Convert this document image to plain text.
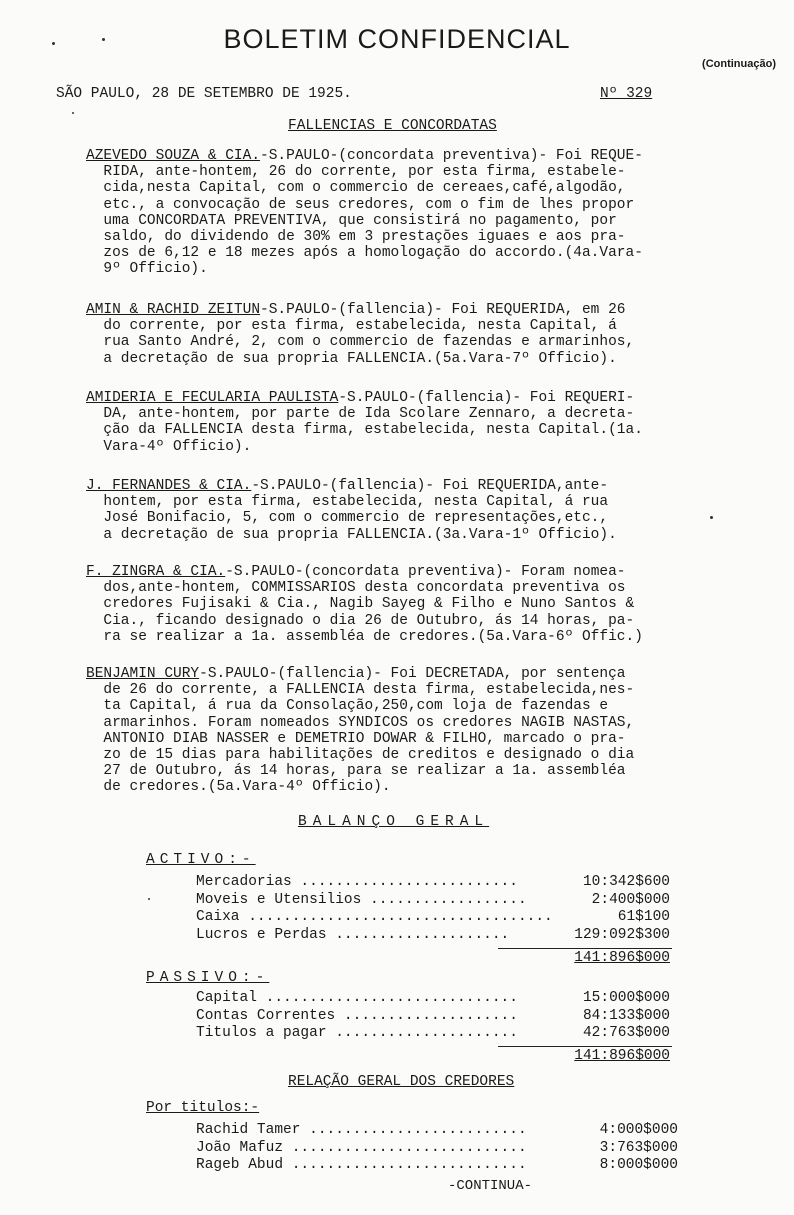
BOLETIM CONFIDENCIAL
(Continuação)
SÃO PAULO, 28 DE SETEMBRO DE 1925.	Nº 329
FALLENCIAS E CONCORDATAS
AZEVEDO SOUZA & CIA.-S.PAULO-(concordata preventiva)- Foi REQUE-
RIDA, ante-hontem, 26 do corrente, por esta firma, estabele-
cida,nesta Capital, com o commercio de cereaes,café,algodão,
etc., a convocação de seus credores, com o fim de lhes propor
uma CONCORDATA PREVENTIVA, que consistirá no pagamento, por
saldo, do dividendo de 30% em 3 prestações iguaes e aos pra-
zos de 6,12 e 18 mezes após a homologação do accordo.(4a.Vara-
9º Officio).
AMIN & RACHID ZEITUN-S.PAULO-(fallencia)- Foi REQUERIDA, em 26
do corrente, por esta firma, estabelecida, nesta Capital, á
rua Santo André, 2, com o commercio de fazendas e armarinhos,
a decretação de sua propria FALLENCIA.(5a.Vara-7º Officio).
AMIDERIA E FECULARIA PAULISTA-S.PAULO-(fallencia)- Foi REQUERI-
DA, ante-hontem, por parte de Ida Scolare Zennaro, a decreta-
ção da FALLENCIA desta firma, estabelecida, nesta Capital.(1a.
Vara-4º Officio).
J. FERNANDES & CIA.-S.PAULO-(fallencia)- Foi REQUERIDA,ante-
hontem, por esta firma, estabelecida, nesta Capital, á rua
José Bonifacio, 5, com o commercio de representações,etc.,
a decretação de sua propria FALLENCIA.(3a.Vara-1º Officio).
F. ZINGRA & CIA.-S.PAULO-(concordata preventiva)- Foram nomea-
dos,ante-hontem, COMMISSARIOS desta concordata preventiva os
credores Fujisaki & Cia., Nagib Sayeg & Filho e Nuno Santos &
Cia., ficando designado o dia 26 de Outubro, ás 14 horas, pa-
ra se realizar a 1a. assembléa de credores.(5a.Vara-6º Offic.)
BENJAMIN CURY-S.PAULO-(fallencia)- Foi DECRETADA, por sentença
de 26 do corrente, a FALLENCIA desta firma, estabelecida,nes-
ta Capital, á rua da Consolação,250,com loja de fazendas e
armarinhos. Foram nomeados SYNDICOS os credores NAGIB NASTAS,
ANTONIO DIAB NASSER e DEMETRIO DOWAR & FILHO, marcado o pra-
zo de 15 dias para habilitações de creditos e designado o dia
27 de Outubro, ás 14 horas, para se realizar a 1a. assembléa
de credores.(5a.Vara-4º Officio).
BALANÇO GERAL
ACTIVO:-
Mercadorias .........................	10:342$600
Moveis e Utensilios ..................	2:400$000
Caixa ...................................	61$100
Lucros e Perdas ....................	129:092$300
141:896$000
PASSIVO:-
Capital .............................	15:000$000
Contas Correntes ....................	84:133$000
Titulos a pagar .....................	42:763$000
141:896$000
RELAÇÃO GERAL DOS CREDORES
Por titulos:-
Rachid Tamer .........................	4:000$000
João Mafuz ...........................	3:763$000
Rageb Abud ...........................	8:000$000
-CONTINUA-
